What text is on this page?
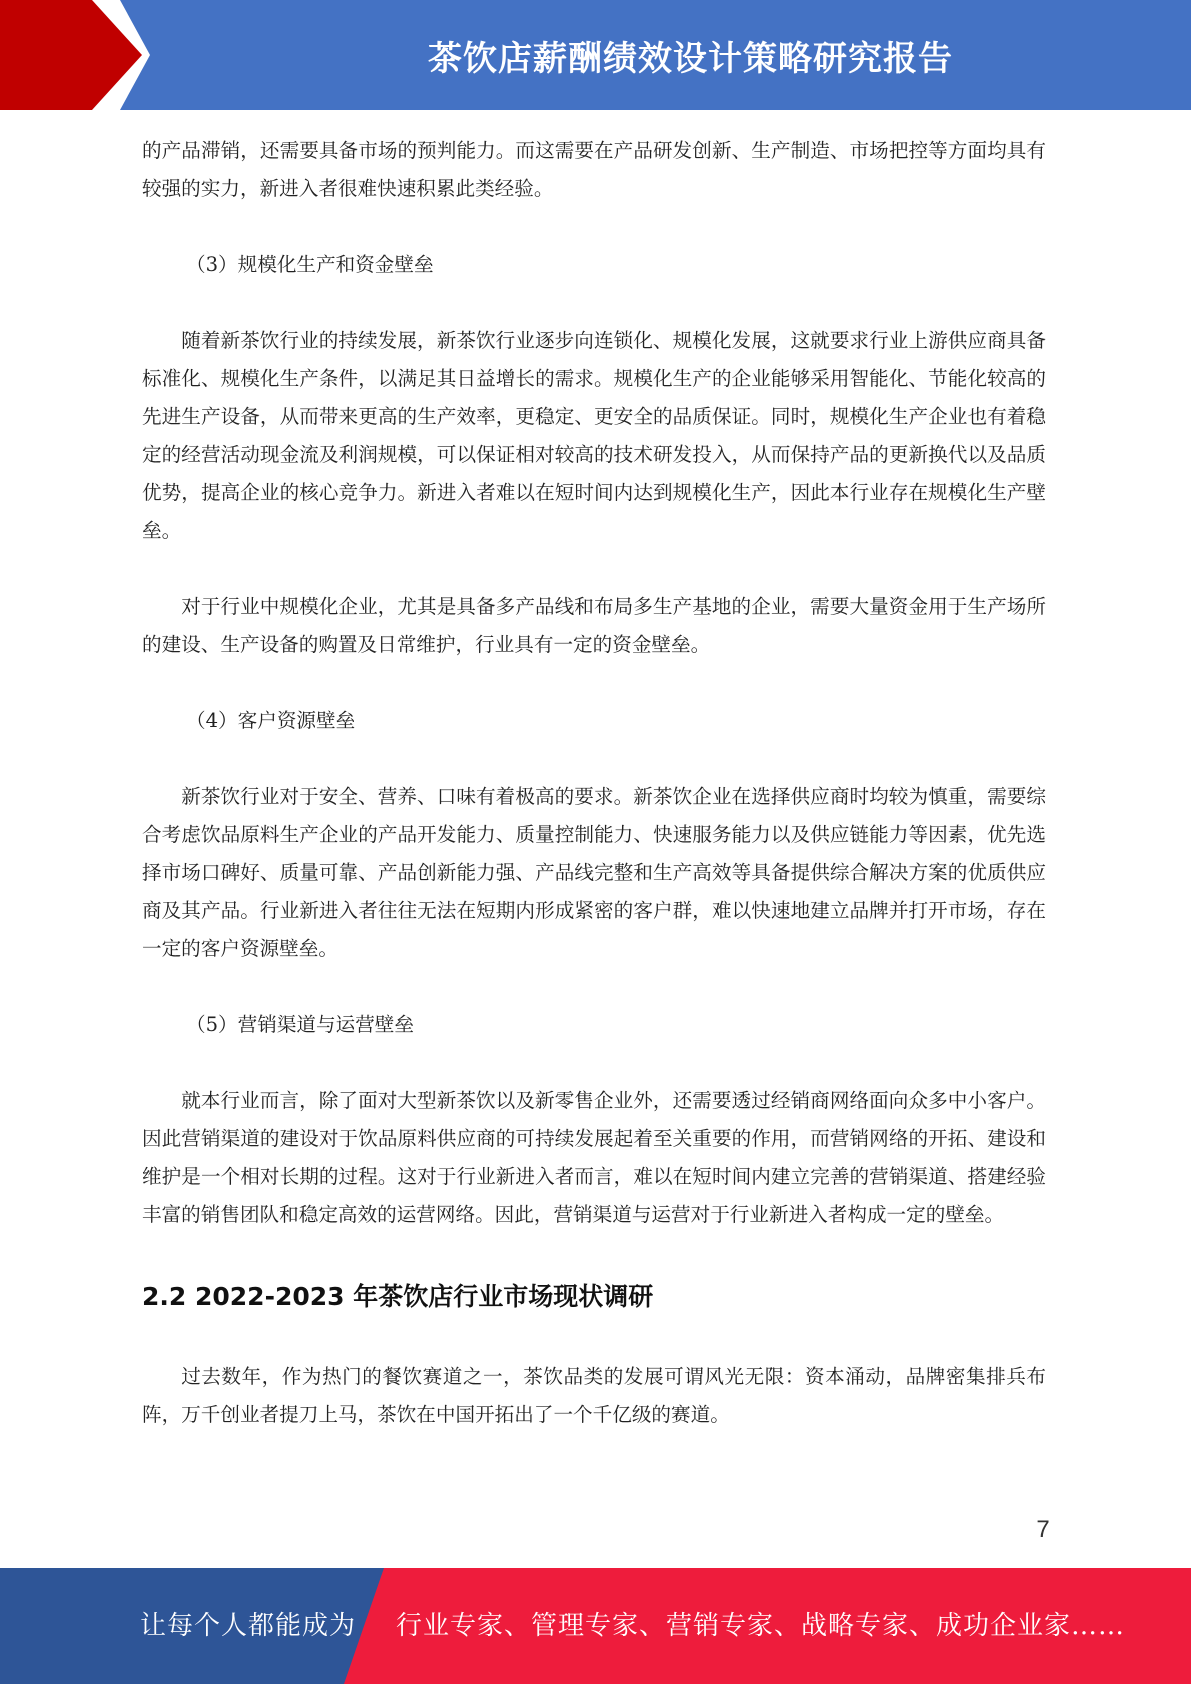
茶饮店薪酬绩效设计策略研究报告

的产品滞销，还需要具备市场的预判能力。而这需要在产品研发创新、生产制造、市场把控等方面均具有较强的实力，新进入者很难快速积累此类经验。

（3）规模化生产和资金壁垒

随着新茶饮行业的持续发展，新茶饮行业逐步向连锁化、规模化发展，这就要求行业上游供应商具备标准化、规模化生产条件，以满足其日益增长的需求。规模化生产的企业能够采用智能化、节能化较高的先进生产设备，从而带来更高的生产效率，更稳定、更安全的品质保证。同时，规模化生产企业也有着稳定的经营活动现金流及利润规模，可以保证相对较高的技术研发投入，从而保持产品的更新换代以及品质优势，提高企业的核心竞争力。新进入者难以在短时间内达到规模化生产，因此本行业存在规模化生产壁垒。

对于行业中规模化企业，尤其是具备多产品线和布局多生产基地的企业，需要大量资金用于生产场所的建设、生产设备的购置及日常维护，行业具有一定的资金壁垒。

（4）客户资源壁垒

新茶饮行业对于安全、营养、口味有着极高的要求。新茶饮企业在选择供应商时均较为慎重，需要综合考虑饮品原料生产企业的产品开发能力、质量控制能力、快速服务能力以及供应链能力等因素，优先选择市场口碑好、质量可靠、产品创新能力强、产品线完整和生产高效等具备提供综合解决方案的优质供应商及其产品。行业新进入者往往无法在短期内形成紧密的客户群，难以快速地建立品牌并打开市场，存在一定的客户资源壁垒。

（5）营销渠道与运营壁垒

就本行业而言，除了面对大型新茶饮以及新零售企业外，还需要透过经销商网络面向众多中小客户。因此营销渠道的建设对于饮品原料供应商的可持续发展起着至关重要的作用，而营销网络的开拓、建设和维护是一个相对长期的过程。这对于行业新进入者而言，难以在短时间内建立完善的营销渠道、搭建经验丰富的销售团队和稳定高效的运营网络。因此，营销渠道与运营对于行业新进入者构成一定的壁垒。

2.2 2022-2023 年茶饮店行业市场现状调研

过去数年，作为热门的餐饮赛道之一，茶饮品类的发展可谓风光无限：资本涌动，品牌密集排兵布阵，万千创业者提刀上马，茶饮在中国开拓出了一个千亿级的赛道。

7
让每个人都能成为 行业专家、管理专家、营销专家、战略专家、成功企业家……
